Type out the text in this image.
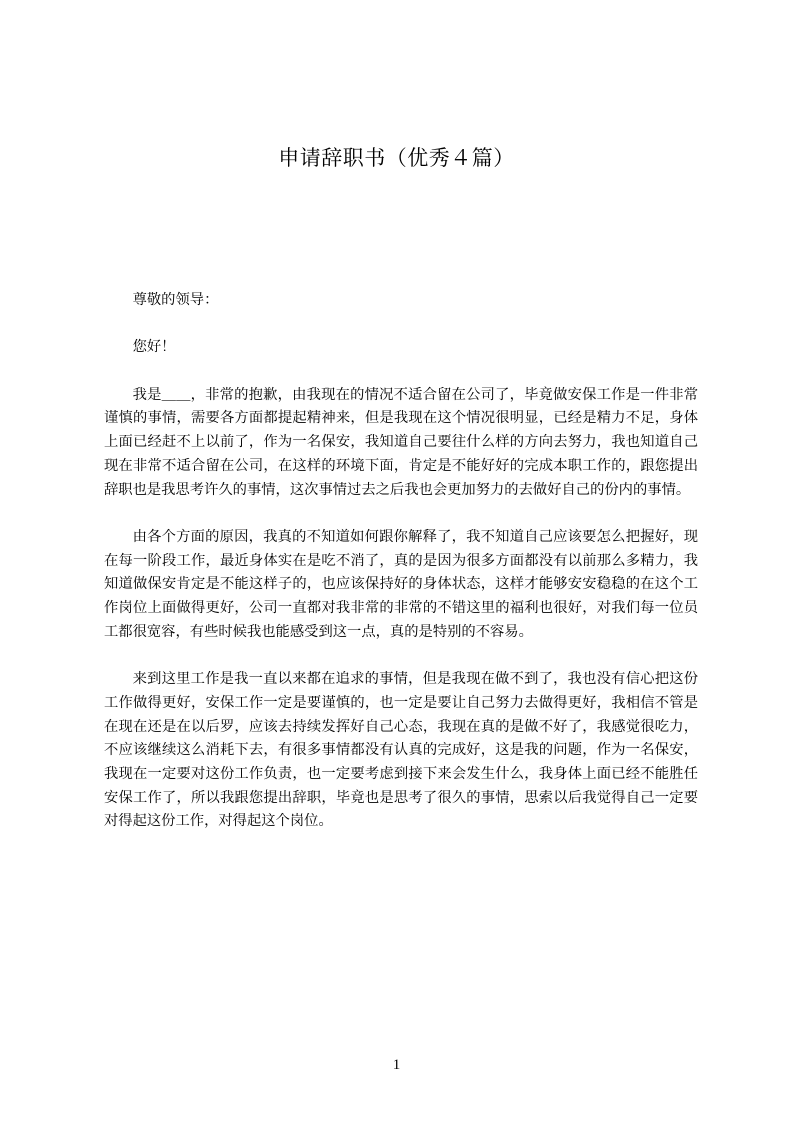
申请辞职书（优秀４篇）

尊敬的领导：

您好！

我是＿＿，非常的抱歉，由我现在的情况不适合留在公司了，毕竟做安保工作是一件非常谨慎的事情，需要各方面都提起精神来，但是我现在这个情况很明显，已经是精力不足，身体上面已经赶不上以前了，作为一名保安，我知道自己要往什么样的方向去努力，我也知道自己现在非常不适合留在公司，在这样的环境下面，肯定是不能好好的完成本职工作的，跟您提出辞职也是我思考许久的事情，这次事情过去之后我也会更加努力的去做好自己的份内的事情。

由各个方面的原因，我真的不知道如何跟你解释了，我不知道自己应该要怎么把握好，现在每一阶段工作，最近身体实在是吃不消了，真的是因为很多方面都没有以前那么多精力，我知道做保安肯定是不能这样子的，也应该保持好的身体状态，这样才能够安安稳稳的在这个工作岗位上面做得更好，公司一直都对我非常的非常的不错这里的福利也很好，对我们每一位员工都很宽容，有些时候我也能感受到这一点，真的是特别的不容易。

来到这里工作是我一直以来都在追求的事情，但是我现在做不到了，我也没有信心把这份工作做得更好，安保工作一定是要谨慎的，也一定是要让自己努力去做得更好，我相信不管是在现在还是在以后罗，应该去持续发挥好自己心态，我现在真的是做不好了，我感觉很吃力，不应该继续这么消耗下去，有很多事情都没有认真的完成好，这是我的问题，作为一名保安，我现在一定要对这份工作负责，也一定要考虑到接下来会发生什么，我身体上面已经不能胜任安保工作了，所以我跟您提出辞职，毕竟也是思考了很久的事情，思索以后我觉得自己一定要对得起这份工作，对得起这个岗位。

1
